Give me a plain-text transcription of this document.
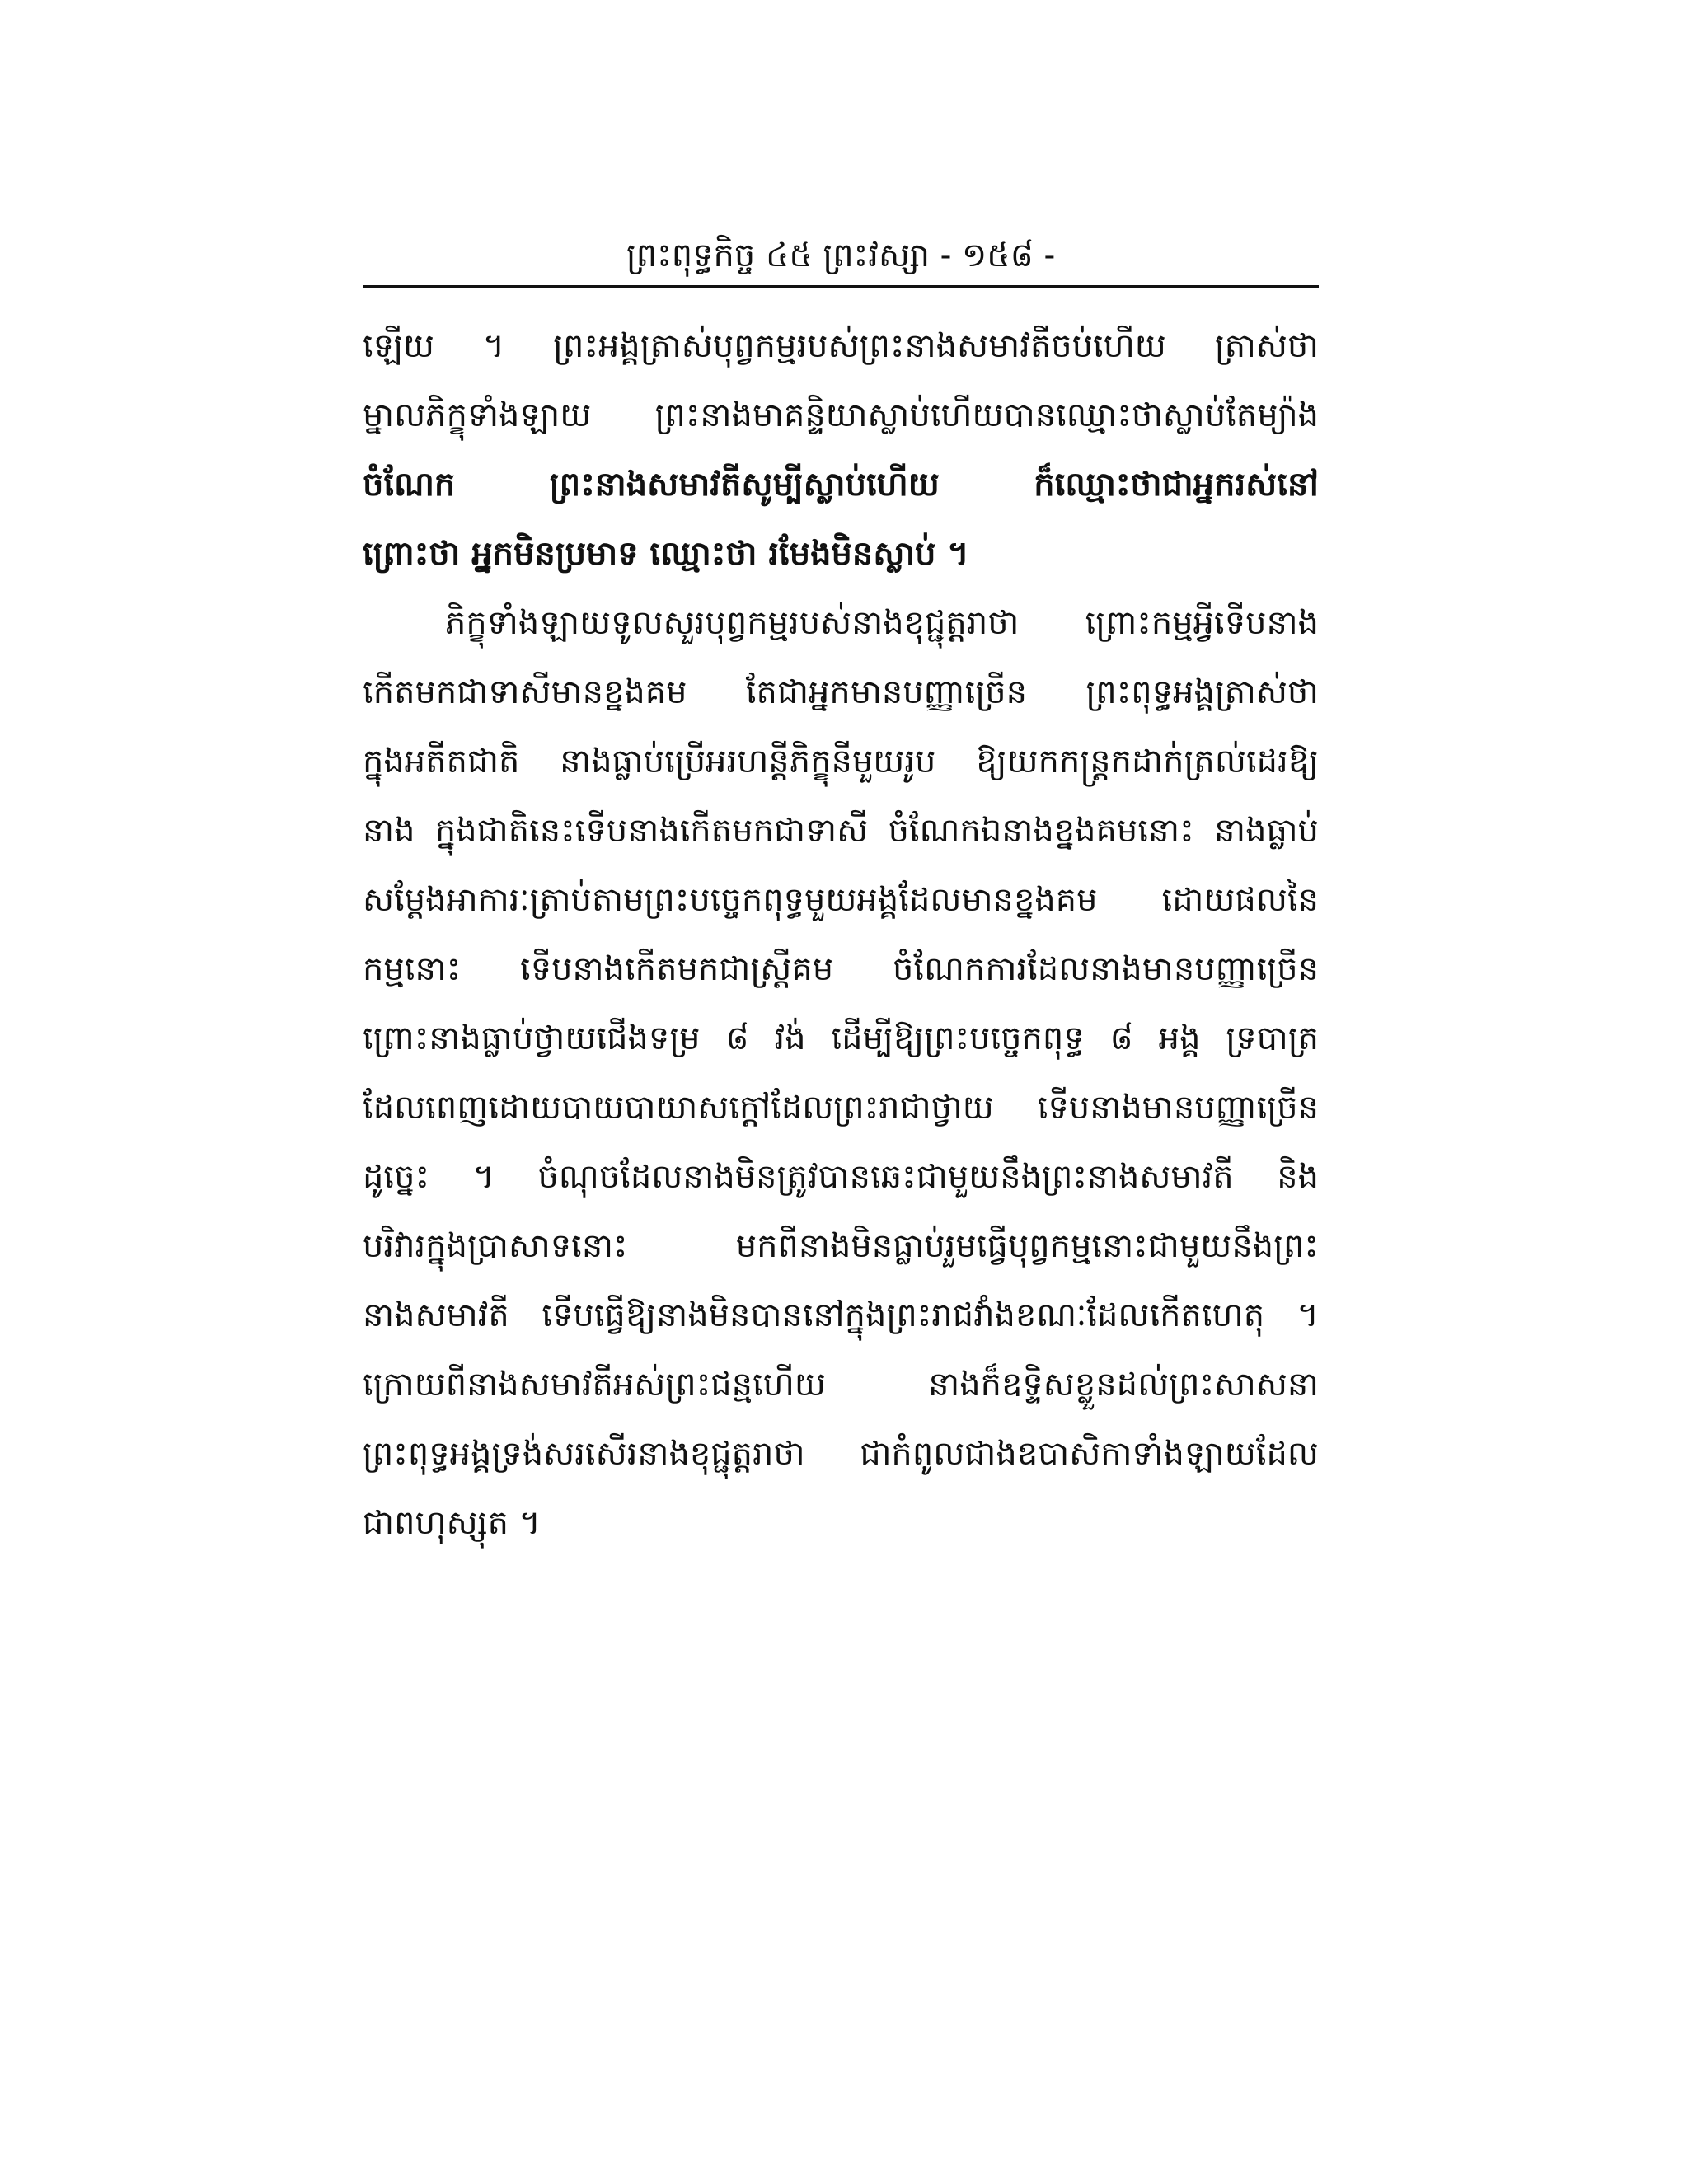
ព្រះពុទ្ធកិច្ច ៤៥ ព្រះវស្សា - ១៥៨ -
ឡើយ ។ ព្រះអង្គត្រាស់បុព្វកម្មរបស់ព្រះនាងសមាវតីចប់ហើយ ត្រាស់ថា
ម្នាលភិក្ខុទាំងឡាយ ព្រះនាងមាគន្ទិយាស្លាប់ហើយបានឈ្មោះថាស្លាប់តែម្យ៉ាង
ចំណែក ព្រះនាងសមាវតីសូម្បីស្លាប់ហើយ ក៏ឈ្មោះថាជាអ្នករស់នៅ
ព្រោះថា អ្នកមិនប្រមាទ ឈ្មោះថា រមែងមិនស្លាប់ ។
ភិក្ខុទាំងឡាយទូលសួរបុព្វកម្មរបស់នាងខុជ្ជុត្តរាថា ព្រោះកម្មអ្វីទើបនាង
កើតមកជាទាសីមានខ្នងគម តែជាអ្នកមានបញ្ញាច្រើន ព្រះពុទ្ធអង្គត្រាស់ថា
ក្នុងអតីតជាតិ នាងធ្លាប់ប្រើអរហន្តីភិក្ខុនីមួយរូប ឱ្យយកកន្ត្រកដាក់ត្រល់ដេរឱ្យ
នាង ក្នុងជាតិនេះទើបនាងកើតមកជាទាសី ចំណែកឯនាងខ្នងគមនោះ នាងធ្លាប់
សម្តែងអាការៈត្រាប់តាមព្រះបច្ចេកពុទ្ធមួយអង្គដែលមានខ្នងគម ដោយផលនៃ
កម្មនោះ ទើបនាងកើតមកជាស្ត្រីគម ចំណែកការដែលនាងមានបញ្ញាច្រើន
ព្រោះនាងធ្លាប់ថ្វាយជើងទម្រ ៨ វង់ ដើម្បីឱ្យព្រះបច្ចេកពុទ្ធ ៨ អង្គ ទ្របាត្រ
ដែលពេញដោយបាយបាយាសក្តៅដែលព្រះរាជាថ្វាយ ទើបនាងមានបញ្ញាច្រើន
ដូច្នេះ ។ ចំណុចដែលនាងមិនត្រូវបានឆេះជាមួយនឹងព្រះនាងសមាវតី និង
បរិវារក្នុងប្រាសាទនោះ មកពីនាងមិនធ្លាប់រួមធ្វើបុព្វកម្មនោះជាមួយនឹងព្រះ
នាងសមាវតី ទើបធ្វើឱ្យនាងមិនបាននៅក្នុងព្រះរាជវាំងខណៈដែលកើតហេតុ ។
ក្រោយពីនាងសមាវតីអស់ព្រះជន្មហើយ នាងក៏ឧទ្ទិសខ្លួនដល់ព្រះសាសនា
ព្រះពុទ្ធអង្គទ្រង់សរសើរនាងខុជ្ជុត្តរាថា ជាកំពូលជាងឧបាសិកាទាំងឡាយដែល
ជាពហុស្សុត ។
